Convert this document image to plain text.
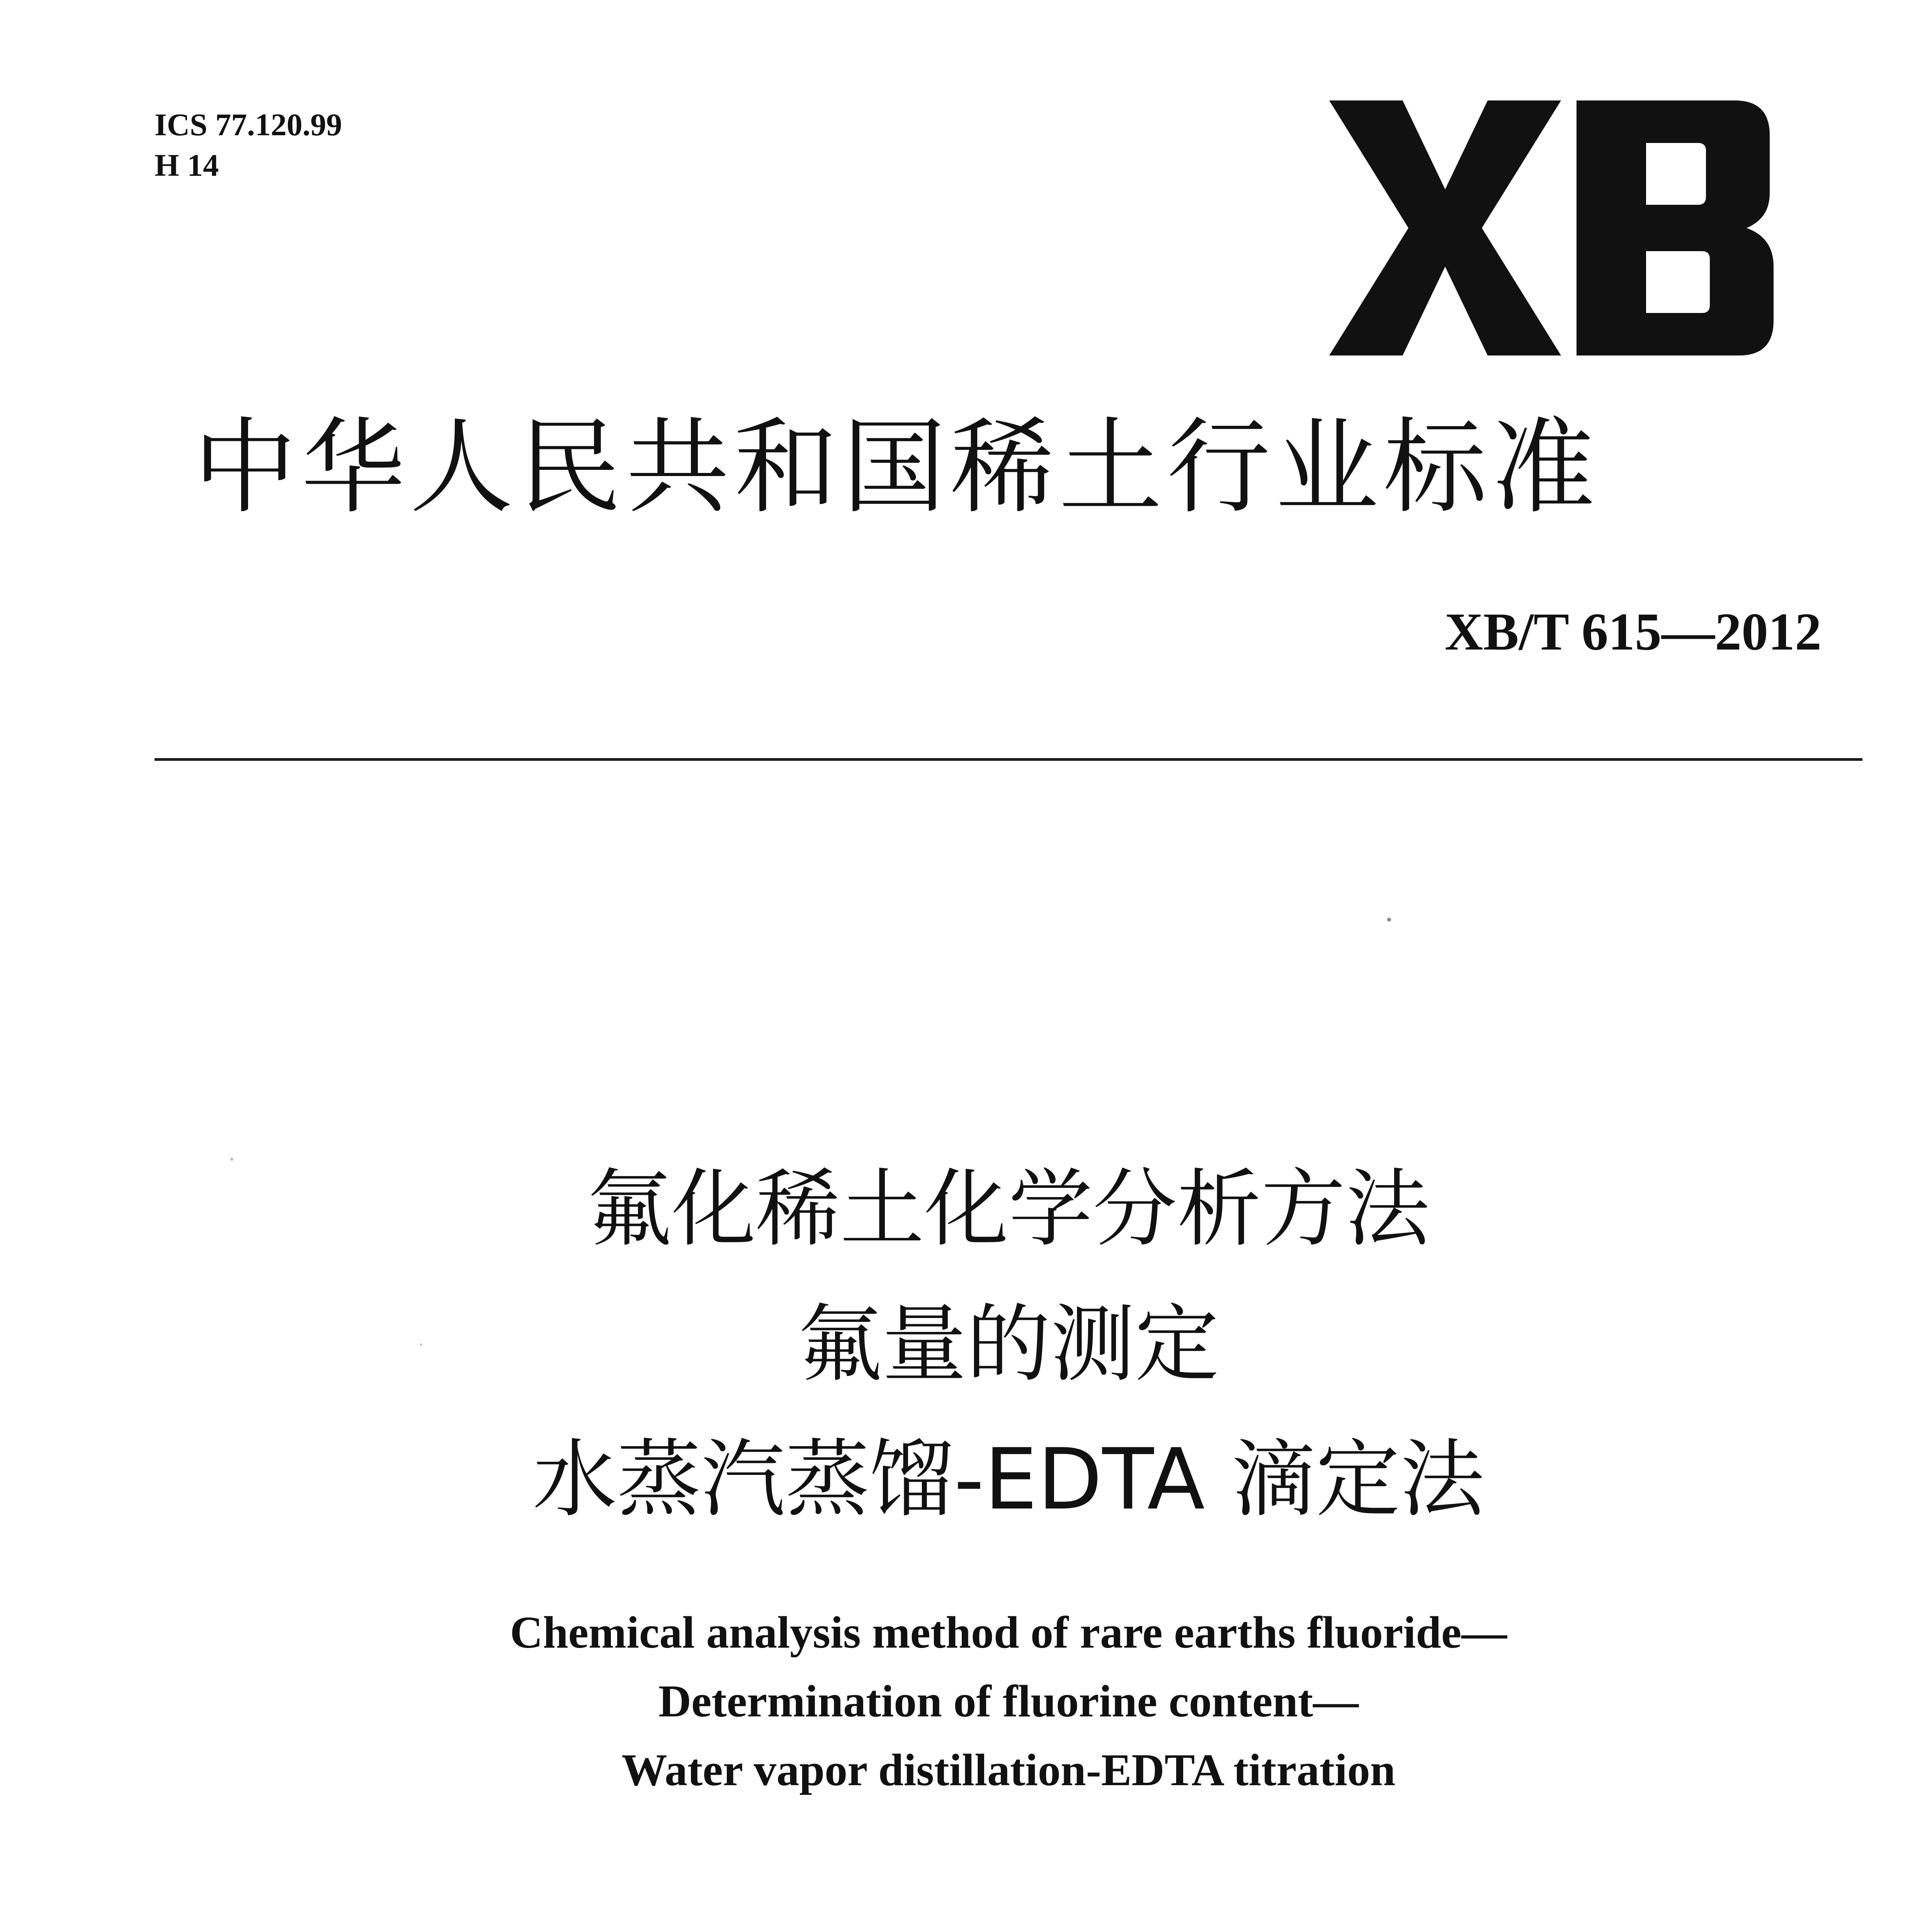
ICS 77.120.99
H 14
中华人民共和国稀土行业标准
XB/T 615—2012
氟化稀土化学分析方法
氟量的测定
水蒸汽蒸馏-EDTA 滴定法
Chemical analysis method of rare earths fluoride—
Determination of fluorine content—
Water vapor distillation-EDTA titration
